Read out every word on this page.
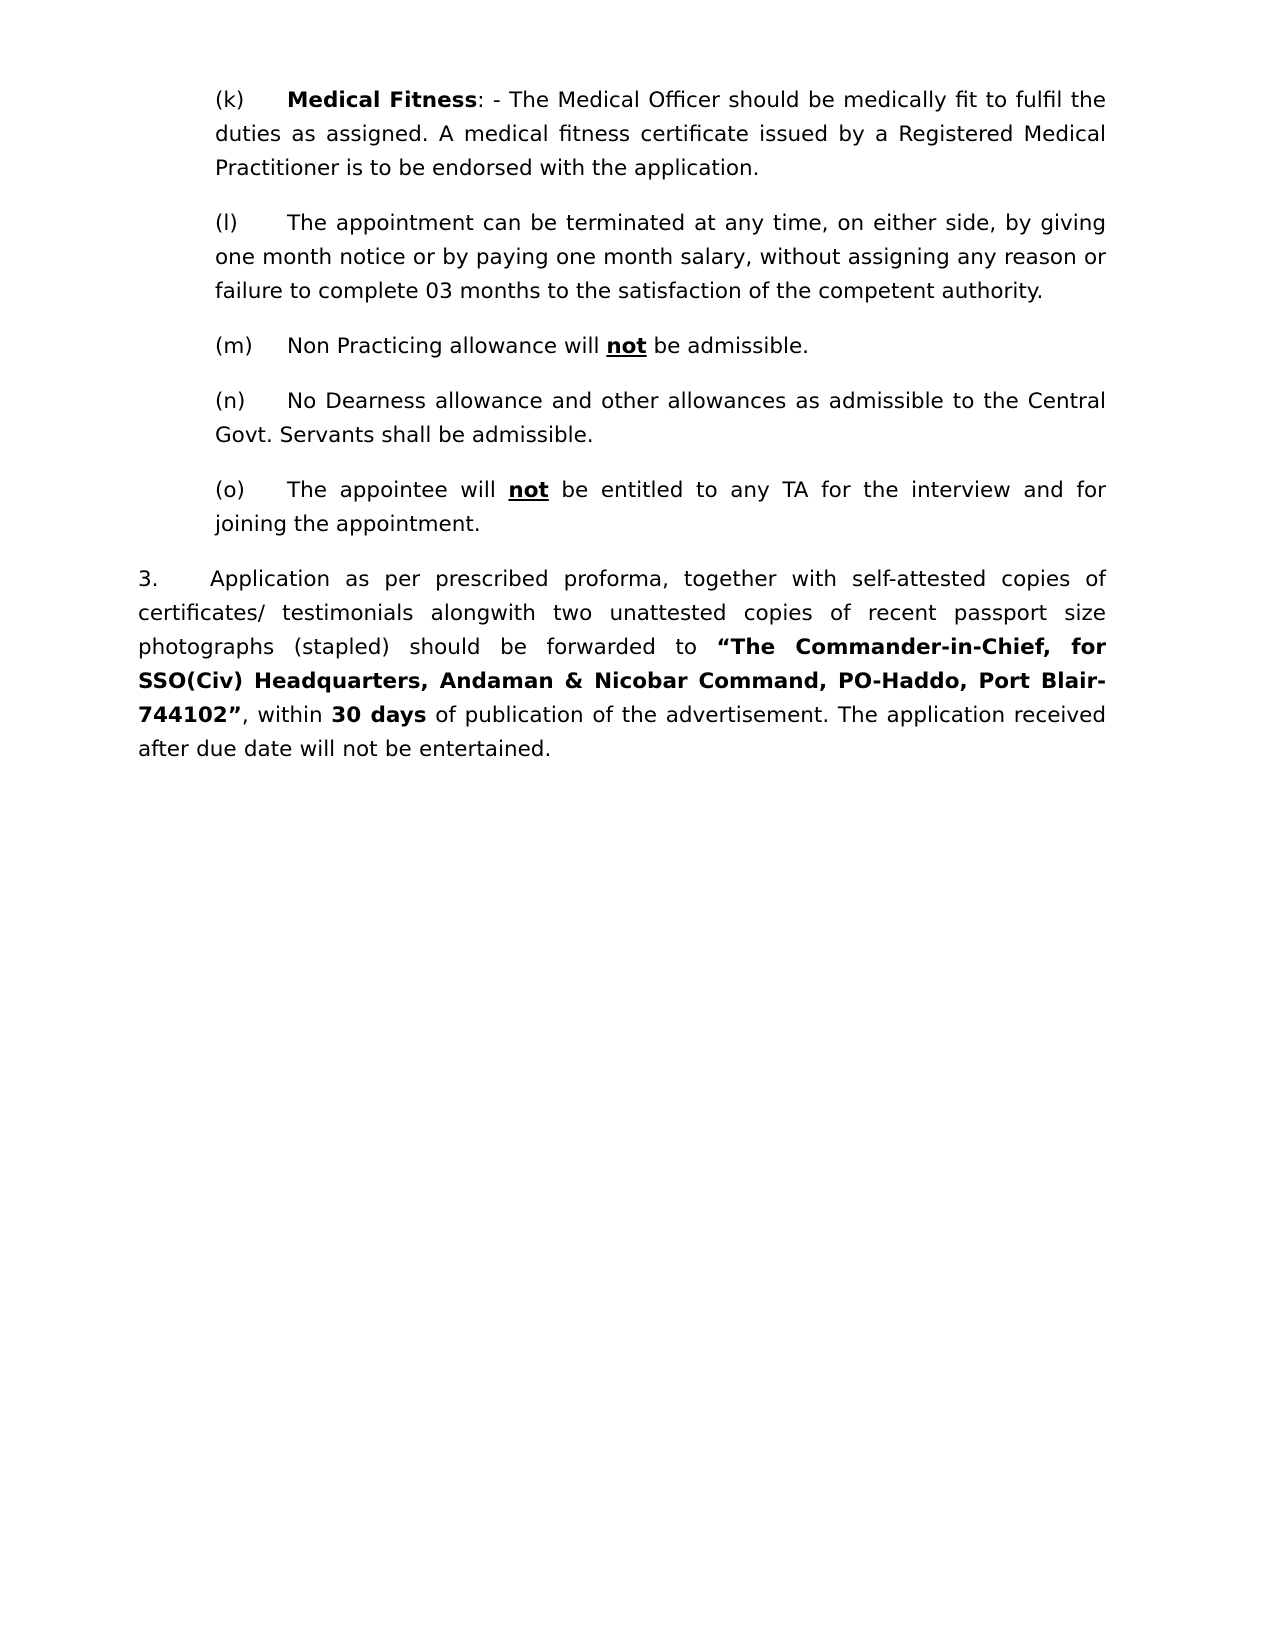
(k) Medical Fitness: - The Medical Officer should be medically fit to fulfil the duties as assigned. A medical fitness certificate issued by a Registered Medical Practitioner is to be endorsed with the application.

(l) The appointment can be terminated at any time, on either side, by giving one month notice or by paying one month salary, without assigning any reason or failure to complete 03 months to the satisfaction of the competent authority.

(m) Non Practicing allowance will not be admissible.

(n) No Dearness allowance and other allowances as admissible to the Central Govt. Servants shall be admissible.

(o) The appointee will not be entitled to any TA for the interview and for joining the appointment.

3. Application as per prescribed proforma, together with self-attested copies of certificates/ testimonials alongwith two unattested copies of recent passport size photographs (stapled) should be forwarded to “The Commander-in-Chief, for SSO(Civ) Headquarters, Andaman & Nicobar Command, PO-Haddo, Port Blair-744102”, within 30 days of publication of the advertisement. The application received after due date will not be entertained.
